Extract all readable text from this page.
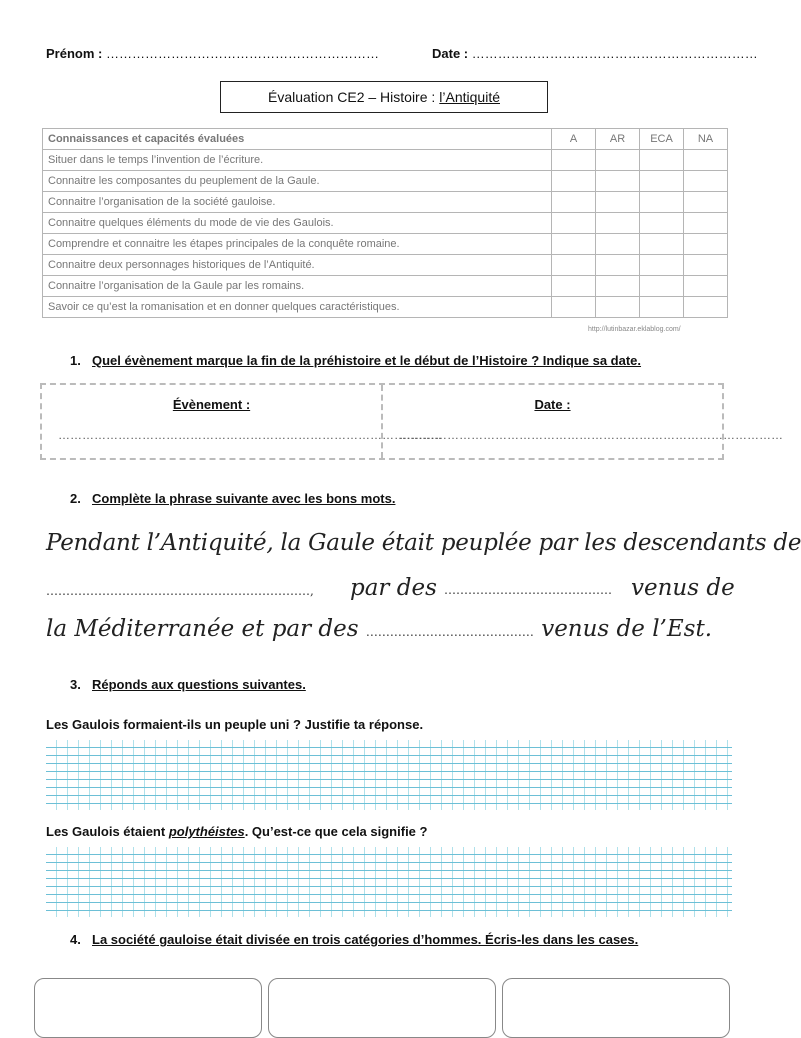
Prénom : ………………………………………………………	Date : …………………………………………………………
Évaluation CE2 – Histoire : l’Antiquité
Connaissances et capacités évaluées	A	AR	ECA	NA
Situer dans le temps l’invention de l’écriture.				
Connaitre les composantes du peuplement de la Gaule.				
Connaitre l’organisation de la société gauloise.				
Connaitre quelques éléments du mode de vie des Gaulois.				
Comprendre et connaitre les étapes principales de la conquête romaine.				
Connaitre deux personnages historiques de l’Antiquité.				
Connaitre l’organisation de la Gaule par les romains.				
Savoir ce qu’est la romanisation et en donner quelques caractéristiques.				
http://lutinbazar.eklablog.com/
1. Quel évènement marque la fin de la préhistoire et le début de l’Histoire ? Indique sa date.
Évènement :
……………………………………………………………………………………
Date :
……………………………………………………………………………………
2. Complète la phrase suivante avec les bons mots.
Pendant l’Antiquité, la Gaule était peuplée par les descendants de
…………………………………………………………, par des …………………………………… venus de
la Méditerranée et par des …………………………………… venus de l’Est.
3. Réponds aux questions suivantes.
Les Gaulois formaient-ils un peuple uni ? Justifie ta réponse.
Les Gaulois étaient polythéistes. Qu’est-ce que cela signifie ?
4. La société gauloise était divisée en trois catégories d’hommes. Écris-les dans les cases.
